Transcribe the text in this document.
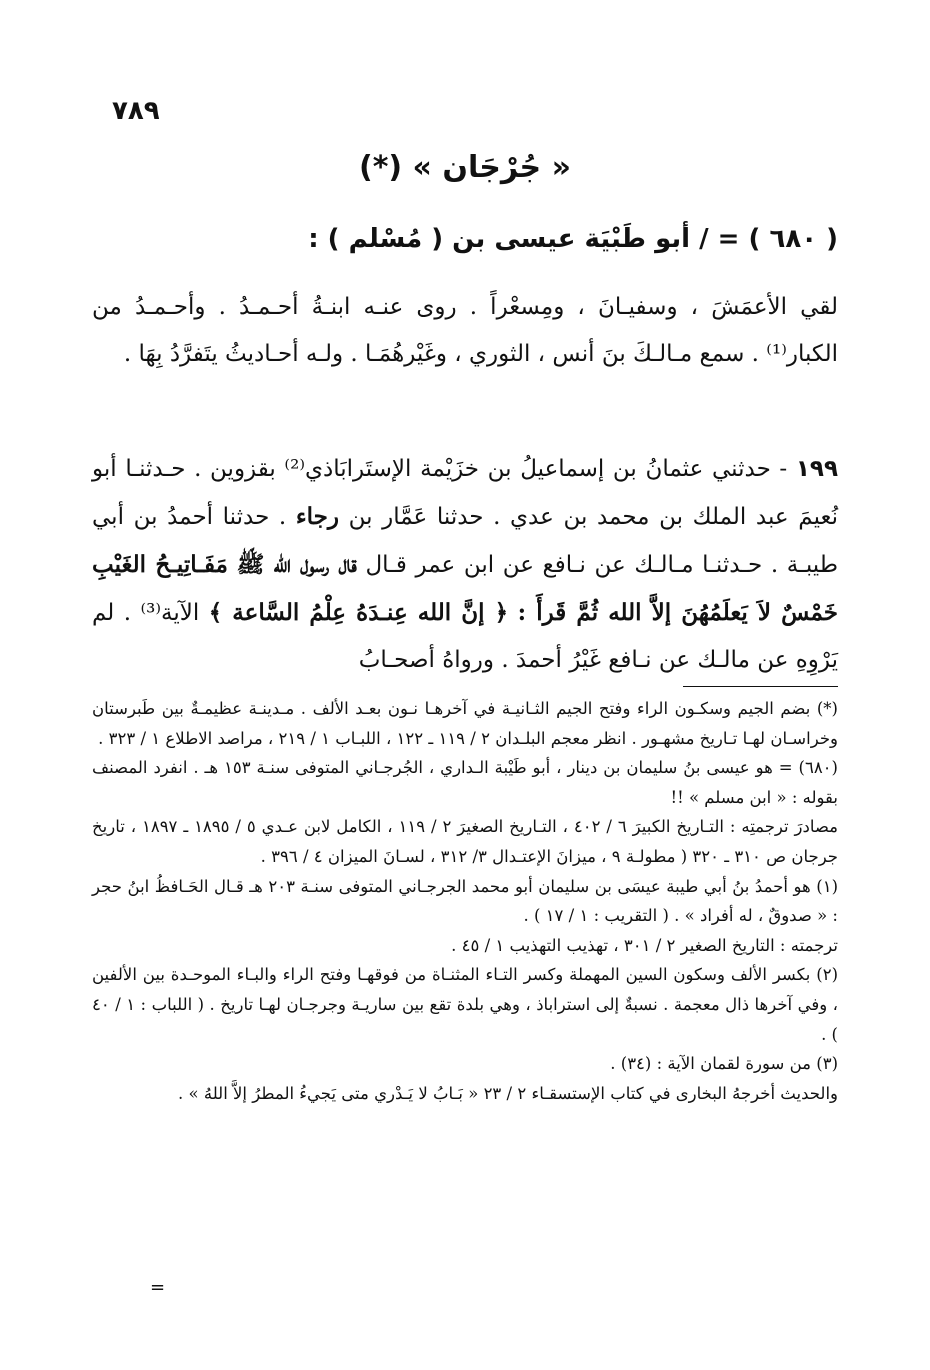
٧٨٩
« جُرْجَان » (*)
( ٦٨٠ ) = / أبو طَبْيَة عيسى بن ( مُسْلم ) :
لقي الأعمَشَ ، وسفيـانَ ، ومِسعْراً . روى عنـه ابنـةُ أحـمـدُ . وأحـمـدُ من الكبار⁽¹⁾ . سمع مـالـكَ بنَ أنس ، الثوري ، وغَيْرهُمَـا . ولـه أحـاديثُ يتَفرَّدُ بِهَا .
١٩٩ - حدثني عثمانُ بن إسماعيلُ بن خزَيْمة الإستَرابَاذي⁽²⁾ بقزوين . حـدثنـا أبو نُعيمَ عبد الملك بن محمد بن عدي . حدثنا عَمَّار بن رجاء . حدثنا أحمدُ بن أبي طيبـة . حـدثنـا مـالـك عن نـافع عن ابن عمر قـال قال رسول الله ﷺ مَفَـاتِيـحُ الغَيْبِ خَمْسٌ لاَ يَعلَمُهُنَ إلاَّ الله ثُمَّ قَرأَ : ﴿ إنَّ الله عِنـدَهُ عِلْمُ السَّاعة ﴾ الآية⁽³⁾ . لم يَرْوِهِ عن مالـك عن نـافع غَيْرُ أحمدَ . ورواهُ أصحـابُ

(*) بضم الجيم وسكـون الراء وفتح الجيم الثـانيـة في آخرهـا نـون بعـد الألف . مـدينـة عظيمـةٌ بين طَبرستان وخراسـان لهـا تـاريخ مشهـور . انظر معجم البلـدان ٢ / ١١٩ ـ ١٢٢ ، اللبـاب ١ / ٢١٩ ، مراصد الاطلاع ١ / ٣٢٣ .

(٦٨٠) = هو عيسى بنُ سليمان بن دينار ، أبو طَيْبة الـداري ، الجُرجـاني المتوفى سنـة ١٥٣ هـ . انفرد المصنف بقوله : « ابن مسلم » !!

مصادرَ ترجمتِه : التـاريخ الكبيرَ ٦ / ٤٠٢ ، التـاريخ الصغيرَ ٢ / ١١٩ ، الكامل لابن عـدي ٥ / ١٨٩٥ ـ ١٨٩٧ ، تاريخ جرجان ص ٣١٠ ـ ٣٢٠ ( مطولـة ٩ ، ميزانَ الإعتـدال ٣/ ٣١٢ ، لسـانَ الميزان ٤ / ٣٩٦ .

(١) هو أحمدُ بنُ أبي طيبة عيسَى بن سليمان أبو محمد الجرجـاني المتوفى سنـة ٢٠٣ هـ قـال الحَـافظُ ابنُ حجر : « صدوقٌ ، له أفراد » . ( التقريب : ١ / ١٧ ) .

ترجمته : التاريخ الصغير ٢ / ٣٠١ ، تهذيب التهذيب ١ / ٤٥ .

(٢) بكسر الألف وسكون السين المهملة وكسر التـاء المثنـاة من فوقهـا وفتح الراء والبـاء الموحـدة بين الألفين ، وفي آخرها ذال معجمة . نسبةٌ إلى استراباذ ، وهي بلدة تقع بين ساريـة وجرجـان لهـا تاريخ . ( اللباب : ١ / ٤٠ ) .

(٣) من سورة لقمان الآية : (٣٤) .

والحديث أخرجهُ البخارى في كتاب الإستسقـاء ٢ / ٢٣ « بَـابُ لا يَـدْري متى يَجيءُ المطرُ إلاَّ اللهُ » .

=
